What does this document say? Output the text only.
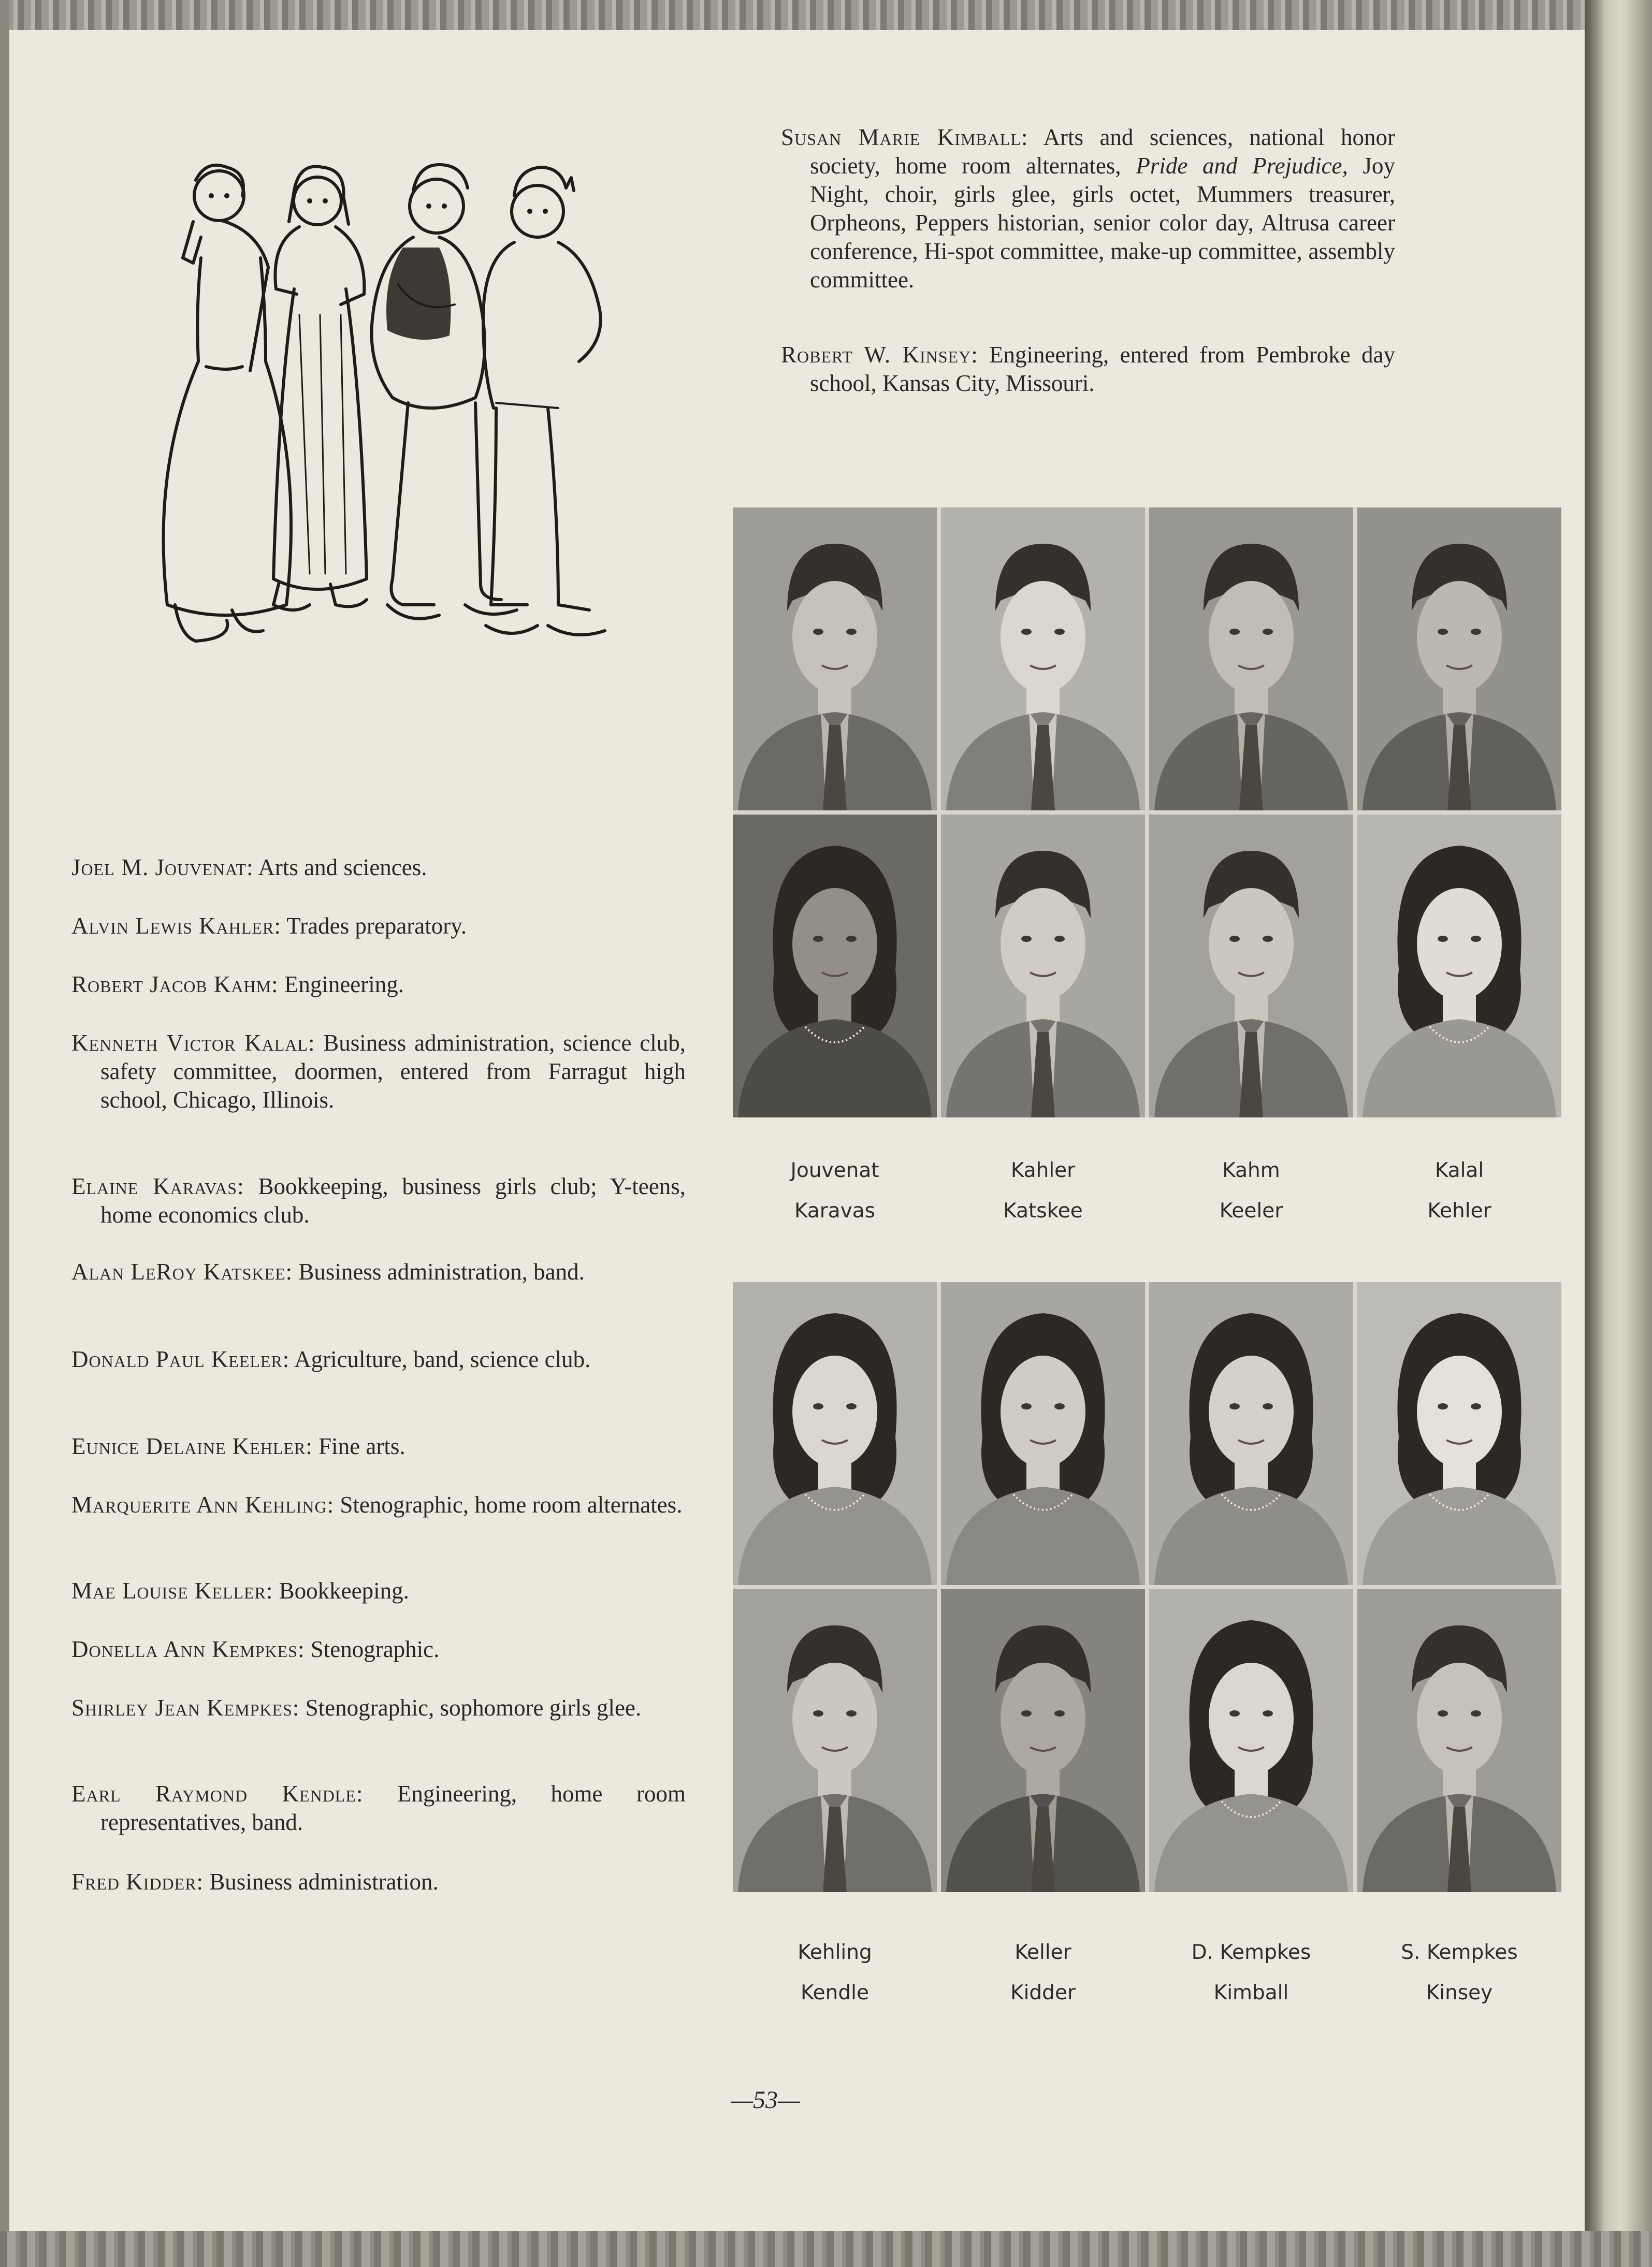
Susan Marie Kimball: Arts and sciences, national honor society, home room alternates, Pride and Prejudice, Joy Night, choir, girls glee, girls octet, Mummers treasurer, Orpheons, Peppers historian, senior color day, Altrusa career conference, Hi-spot committee, make-up committee, assembly committee.
Robert W. Kinsey: Engineering, entered from Pembroke day school, Kansas City, Missouri.
Joel M. Jouvenat: Arts and sciences.
Alvin Lewis Kahler: Trades preparatory.
Robert Jacob Kahm: Engineering.
Kenneth Victor Kalal: Business administration, science club, safety committee, doormen, entered from Farragut high school, Chicago, Illinois.
Elaine Karavas: Bookkeeping, business girls club; Y-teens, home economics club.
Alan LeRoy Katskee: Business administration, band.
Donald Paul Keeler: Agriculture, band, science club.
Eunice Delaine Kehler: Fine arts.
Marquerite Ann Kehling: Stenographic, home room alternates.
Mae Louise Keller: Bookkeeping.
Donella Ann Kempkes: Stenographic.
Shirley Jean Kempkes: Stenographic, sophomore girls glee.
Earl Raymond Kendle: Engineering, home room representatives, band.
Fred Kidder: Business administration.
Jouvenat	Kahler	Kahm	Kalal
Karavas	Katskee	Keeler	Kehler
Kehling	Keller	D. Kempkes	S. Kempkes
Kendle	Kidder	Kimball	Kinsey
—53—
